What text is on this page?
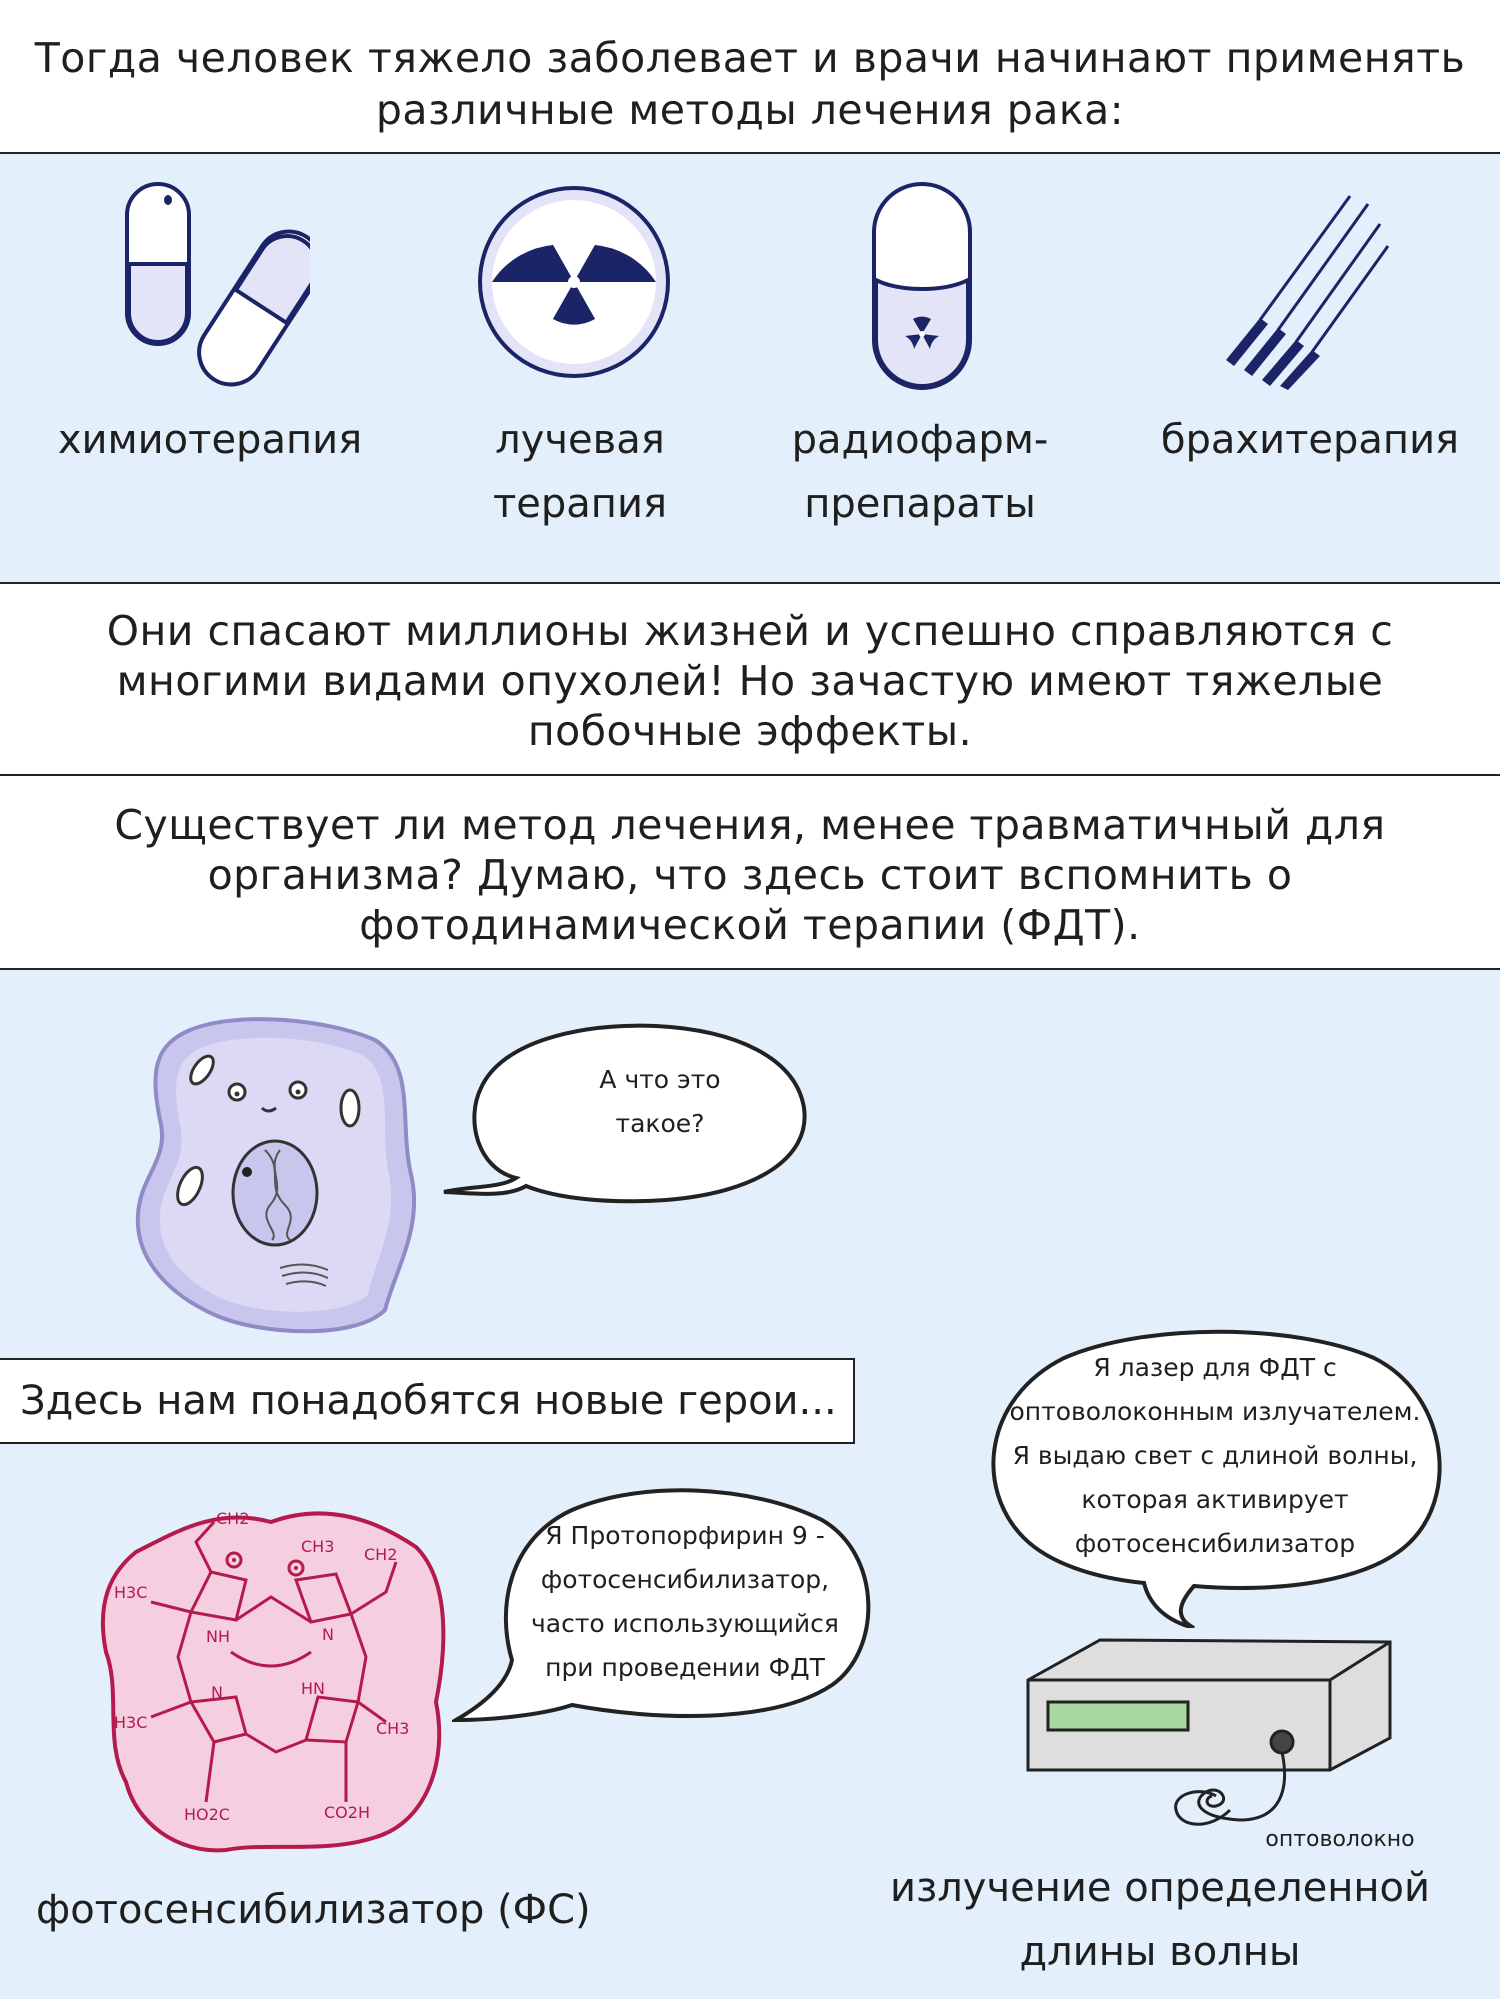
Тогда человек тяжело заболевает и врачи начинают применять
различные методы лечения рака:
химиотерапия	лучевая
терапия
радиофарм-
препараты
брахитерапия
Они спасают миллионы жизней и успешно справляются с
многими видами опухолей! Но зачастую имеют тяжелые
побочные эффекты.
Существует ли метод лечения, менее травматичный для
организма? Думаю, что здесь стоит вспомнить о
фотодинамической терапии (ФДТ).
А что это
такое?
Здесь нам понадобятся новые герои...
CH2
CH3 CH2
H3C
NH	N
N	HN
H3C	CH3
HO2C	CO2H
Я Протопорфирин 9 -
фотосенсибилизатор,
часто использующийся
при проведении ФДТ
Я лазер для ФДТ с
оптоволоконным излучателем.
Я выдаю свет с длиной волны,
которая активирует
фотосенсибилизатор
фотосенсибилизатор (ФС)
оптоволокно
излучение определенной
длины волны
